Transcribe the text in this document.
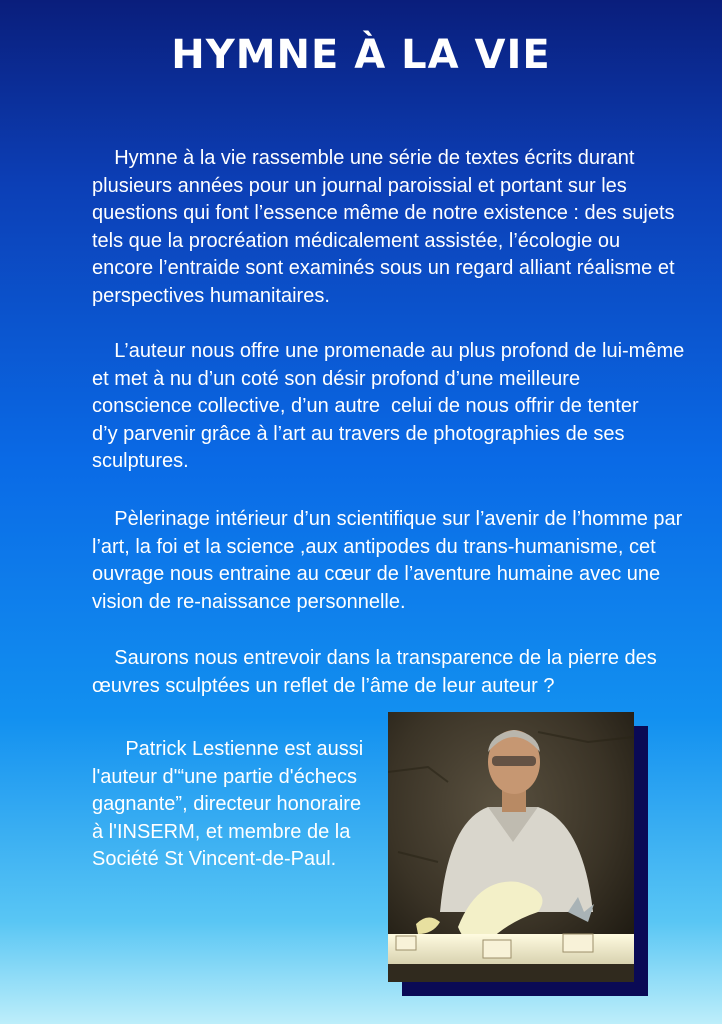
HYMNE À LA VIE
Hymne à la vie rassemble une série de textes écrits durant
plusieurs années pour un journal paroissial et portant sur les
questions qui font l’essence même de notre existence : des sujets
tels que la procréation médicalement assistée, l’écologie ou
encore l’entraide sont examinés sous un regard alliant réalisme et
perspectives humanitaires.
L’auteur nous offre une promenade au plus profond de lui-même
et met à nu d’un coté son désir profond d’une meilleure
conscience collective, d’un autre  celui de nous offrir de tenter
d’y parvenir grâce à l’art au travers de photographies de ses
sculptures.
Pèlerinage intérieur d’un scientifique sur l’avenir de l’homme par
l’art, la foi et la science ,aux antipodes du trans-humanisme, cet
ouvrage nous entraine au cœur de l’aventure humaine avec une
vision de re-naissance personnelle.
Saurons nous entrevoir dans la transparence de la pierre des
œuvres sculptées un reflet de l’âme de leur auteur ?
Patrick Lestienne est aussi
l'auteur d'“une partie d'échecs
gagnante”, directeur honoraire
à l'INSERM, et membre de la
Société St Vincent-de-Paul.
